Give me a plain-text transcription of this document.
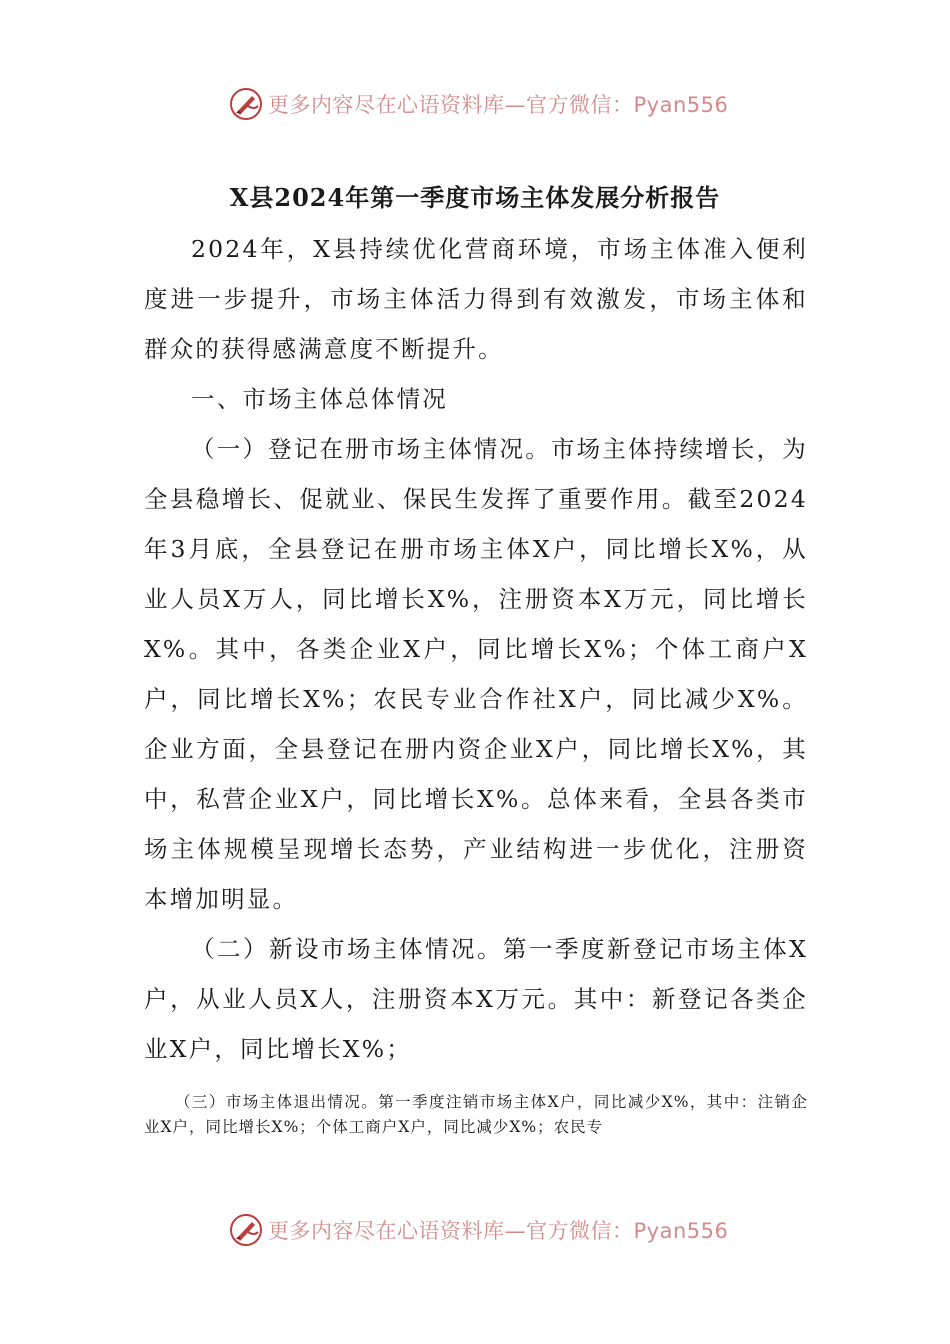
更多内容尽在心语资料库—官方微信：Pyan556
X县2024年第一季度市场主体发展分析报告

2024年，X县持续优化营商环境，市场主体准入便利度进一步提升，市场主体活力得到有效激发，市场主体和群众的获得感满意度不断提升。

一、市场主体总体情况

（一）登记在册市场主体情况。市场主体持续增长，为全县稳增长、促就业、保民生发挥了重要作用。截至2024年3月底，全县登记在册市场主体X户，同比增长X%，从业人员X万人，同比增长X%，注册资本X万元，同比增长X%。其中，各类企业X户，同比增长X%；个体工商户X户，同比增长X%；农民专业合作社X户，同比减少X%。企业方面，全县登记在册内资企业X户，同比增长X%，其中，私营企业X户，同比增长X%。总体来看，全县各类市场主体规模呈现增长态势，产业结构进一步优化，注册资本增加明显。

（二）新设市场主体情况。第一季度新登记市场主体X户，从业人员X人，注册资本X万元。其中：新登记各类企业X户，同比增长X%；

（三）市场主体退出情况。第一季度注销市场主体X户，同比减少X%，其中：注销企业X户，同比增长X%；个体工商户X户，同比减少X%；农民专

更多内容尽在心语资料库—官方微信：Pyan556
